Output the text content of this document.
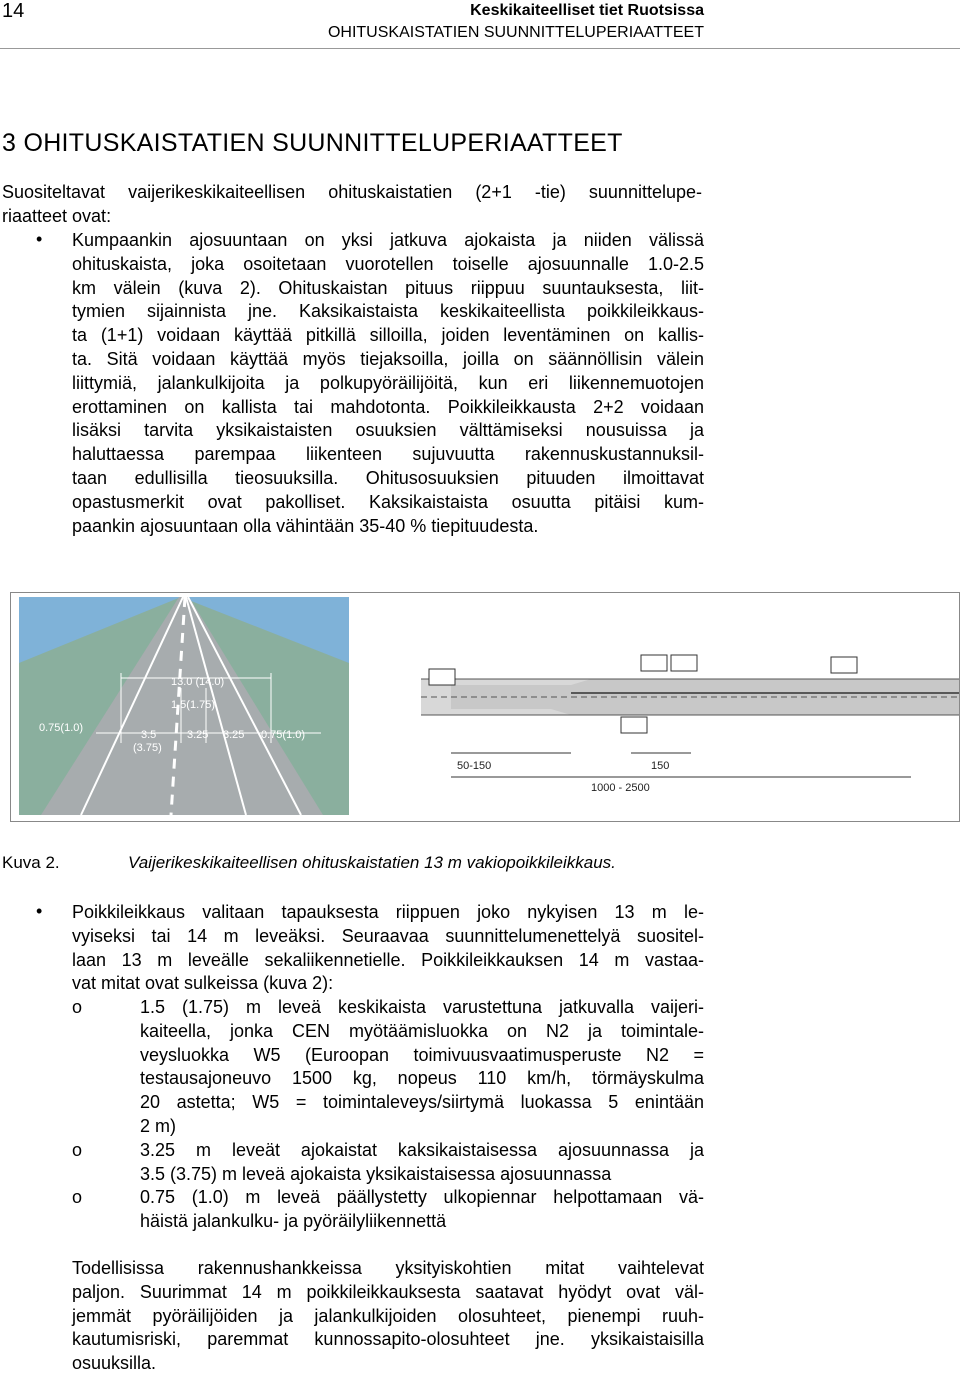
14	Keskikaiteelliset tiet Ruotsissa
OHITUSKAISTATIEN SUUNNITTELUPERIAATTEET
3 OHITUSKAISTATIEN SUUNNITTELUPERIAATTEET
Suositeltavat vaijerikeskikaiteellisen ohituskaistatien (2+1 -tie) suunnittelupe-
riaatteet ovat:
• Kumpaankin ajosuuntaan on yksi jatkuva ajokaista ja niiden välissä
ohituskaista, joka osoitetaan vuorotellen toiselle ajosuunnalle 1.0-2.5
km välein (kuva 2). Ohituskaistan pituus riippuu suuntauksesta, liit-
tymien sijainnista jne. Kaksikaistaista keskikaiteellista poikkileikkaus-
ta (1+1) voidaan käyttää pitkillä silloilla, joiden leventäminen on kallis-
ta. Sitä voidaan käyttää myös tiejaksoilla, joilla on säännöllisin välein
liittymiä, jalankulkijoita ja polkupyöräilijöitä, kun eri liikennemuotojen
erottaminen on kallista tai mahdotonta. Poikkileikkausta 2+2 voidaan
lisäksi tarvita yksikaistaisten osuuksien välttämiseksi nousuissa ja
haluttaessa parempaa liikenteen sujuvuutta rakennuskustannuksil-
taan edullisilla tieosuuksilla. Ohitusosuuksien pituuden ilmoittavat
opastusmerkit ovat pakolliset. Kaksikaistaista osuutta pitäisi kum-
paankin ajosuuntaan olla vähintään 35-40 % tiepituudesta.
13.0 (14.0)
1.5(1.75)
0.75(1.0)
3.5
(3.75)
3.25 3.25 0.75(1.0)
50-150	150
1000 - 2500
Kuva 2.	Vaijerikeskikaiteellisen ohituskaistatien 13 m vakiopoikkileikkaus.
• Poikkileikkaus valitaan tapauksesta riippuen joko nykyisen 13 m le-
vyiseksi tai 14 m leveäksi. Seuraavaa suunnittelumenettelyä suositel-
laan 13 m leveälle sekaliikennetielle. Poikkileikkauksen 14 m vastaa-
vat mitat ovat sulkeissa (kuva 2):
o	1.5 (1.75) m leveä keskikaista varustettuna jatkuvalla vaijeri-
kaiteella, jonka CEN myötäämisluokka on N2 ja toimintale-
veysluokka W5 (Euroopan toimivuusvaatimusperuste N2 =
testausajoneuvo 1500 kg, nopeus 110 km/h, törmäyskulma
20 astetta; W5 = toimintaleveys/siirtymä luokassa 5 enintään
2 m)
o	3.25 m leveät ajokaistat kaksikaistaisessa ajosuunnassa ja
3.5 (3.75) m leveä ajokaista yksikaistaisessa ajosuunnassa
o	0.75 (1.0) m leveä päällystetty ulkopiennar helpottamaan vä-
häistä jalankulku- ja pyöräilyliikennettä
Todellisissa rakennushankkeissa yksityiskohtien mitat vaihtelevat
paljon. Suurimmat 14 m poikkileikkauksesta saatavat hyödyt ovat väl-
jemmät pyöräilijöiden ja jalankulkijoiden olosuhteet, pienempi ruuh-
kautumisriski, paremmat kunnossapito-olosuhteet jne. yksikaistaisilla
osuuksilla.
